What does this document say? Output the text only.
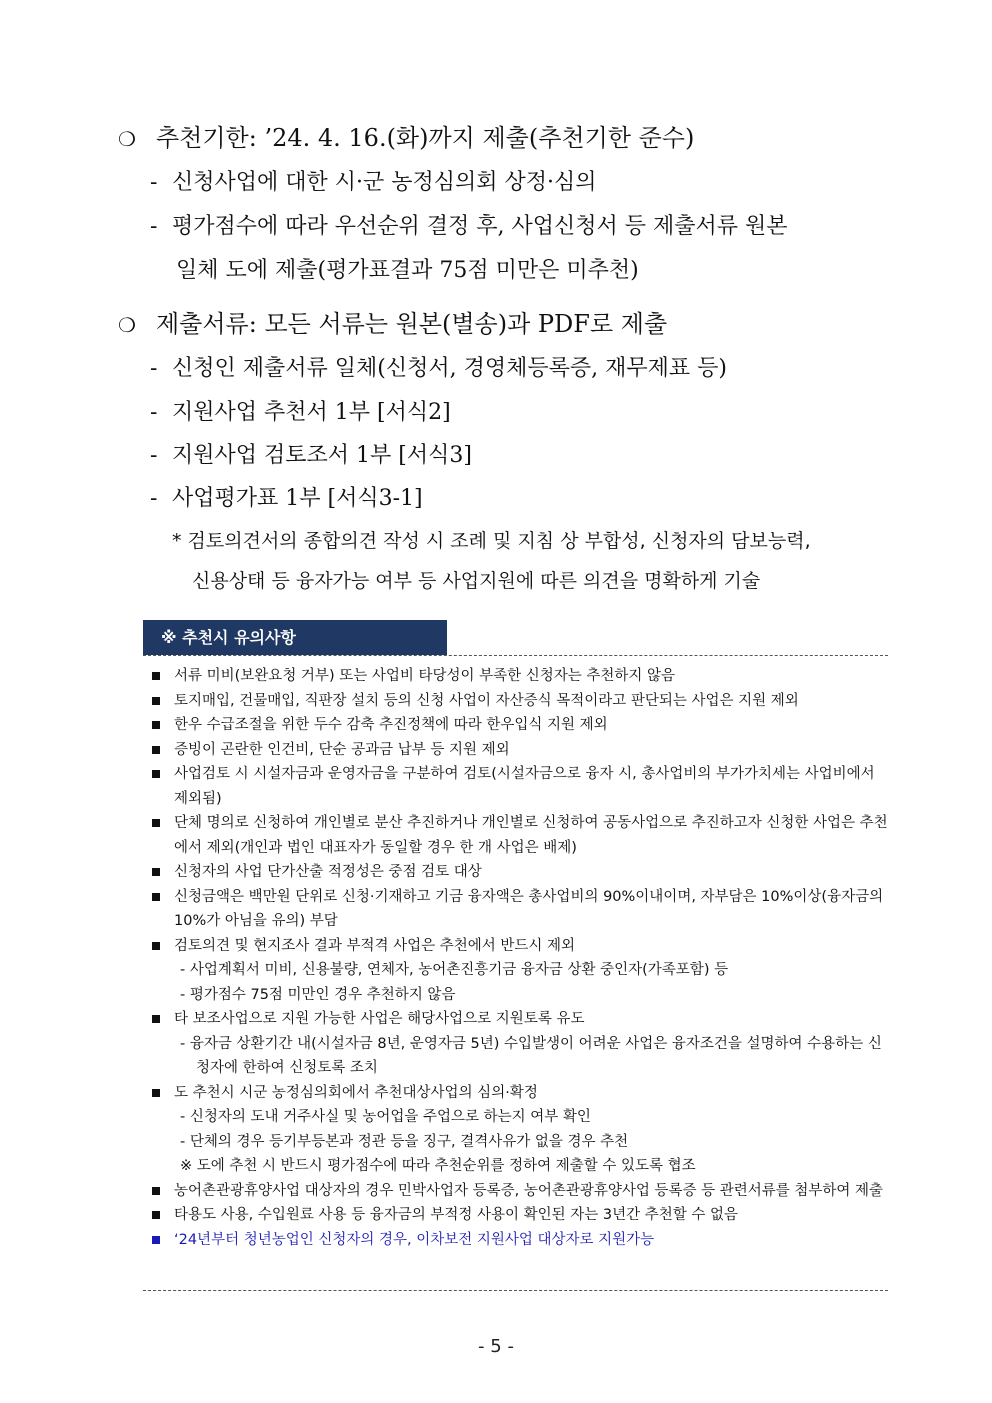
❍ 추천기한: ’24. 4. 16.(화)까지 제출(추천기한 준수)
- 신청사업에 대한 시·군 농정심의회 상정·심의
- 평가점수에 따라 우선순위 결정 후, 사업신청서 등 제출서류 원본
일체 도에 제출(평가표결과 75점 미만은 미추천)
❍ 제출서류: 모든 서류는 원본(별송)과 PDF로 제출
- 신청인 제출서류 일체(신청서, 경영체등록증, 재무제표 등)
- 지원사업 추천서 1부 [서식2]
- 지원사업 검토조서 1부 [서식3]
- 사업평가표 1부 [서식3-1]
* 검토의견서의 종합의견 작성 시 조례 및 지침 상 부합성, 신청자의 담보능력,
신용상태 등 융자가능 여부 등 사업지원에 따른 의견을 명확하게 기술
※ 추천시 유의사항
서류 미비(보완요청 거부) 또는 사업비 타당성이 부족한 신청자는 추천하지 않음
토지매입, 건물매입, 직판장 설치 등의 신청 사업이 자산증식 목적이라고 판단되는 사업은 지원 제외
한우 수급조절을 위한 두수 감축 추진정책에 따라 한우입식 지원 제외
증빙이 곤란한 인건비, 단순 공과금 납부 등 지원 제외
사업검토 시 시설자금과 운영자금을 구분하여 검토(시설자금으로 융자 시, 총사업비의 부가가치세는 사업비에서 제외됨)
단체 명의로 신청하여 개인별로 분산 추진하거나 개인별로 신청하여 공동사업으로 추진하고자 신청한 사업은 추천에서 제외(개인과 법인 대표자가 동일할 경우 한 개 사업은 배제)
신청자의 사업 단가산출 적정성은 중점 검토 대상
신청금액은 백만원 단위로 신청·기재하고 기금 융자액은 총사업비의 90%이내이며, 자부담은 10%이상(융자금의 10%가 아님을 유의) 부담
검토의견 및 현지조사 결과 부적격 사업은 추천에서 반드시 제외
- 사업계획서 미비, 신용불량, 연체자, 농어촌진흥기금 융자금 상환 중인자(가족포함) 등
- 평가점수 75점 미만인 경우 추천하지 않음
타 보조사업으로 지원 가능한 사업은 해당사업으로 지원토록 유도
- 융자금 상환기간 내(시설자금 8년, 운영자금 5년) 수입발생이 어려운 사업은 융자조건을 설명하여 수용하는 신청자에 한하여 신청토록 조치
도 추천시 시군 농정심의회에서 추천대상사업의 심의·확정
- 신청자의 도내 거주사실 및 농어업을 주업으로 하는지 여부 확인
- 단체의 경우 등기부등본과 정관 등을 징구, 결격사유가 없을 경우 추천
※ 도에 추천 시 반드시 평가점수에 따라 추천순위를 정하여 제출할 수 있도록 협조
농어촌관광휴양사업 대상자의 경우 민박사업자 등록증, 농어촌관광휴양사업 등록증 등 관련서류를 첨부하여 제출
타용도 사용, 수입원료 사용 등 융자금의 부적정 사용이 확인된 자는 3년간 추천할 수 없음
‘24년부터 청년농업인 신청자의 경우, 이차보전 지원사업 대상자로 지원가능
- 5 -
